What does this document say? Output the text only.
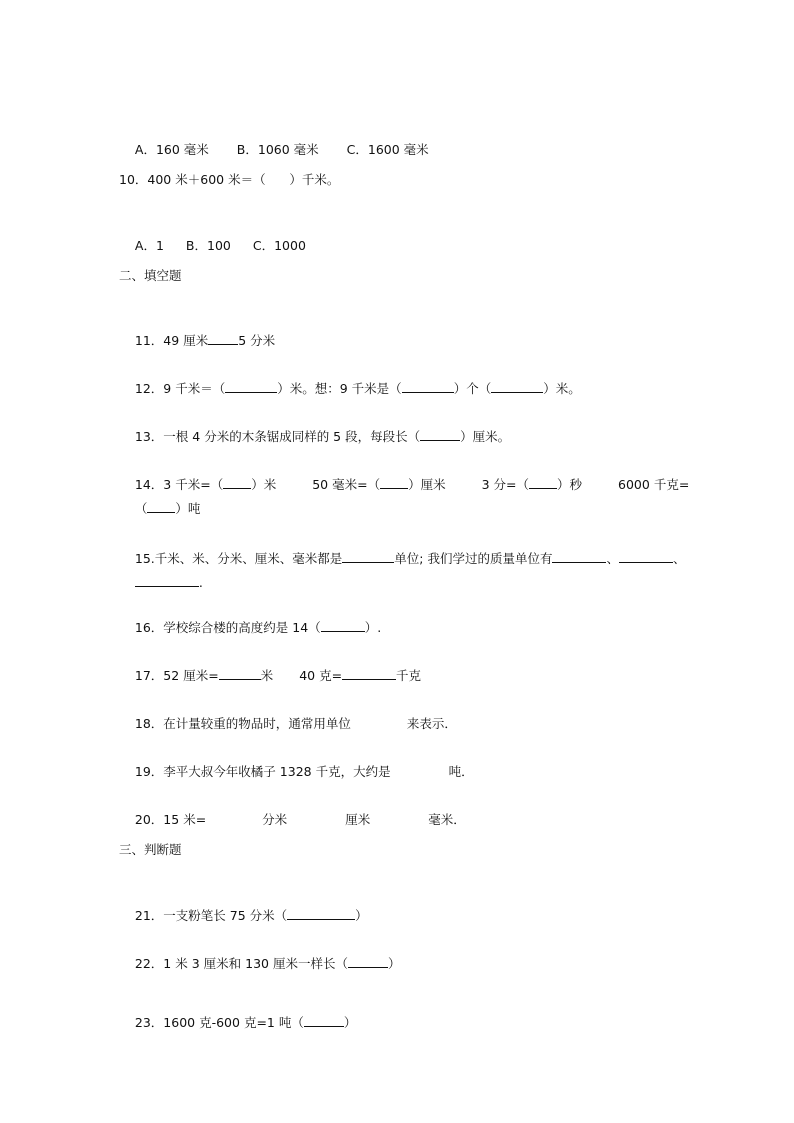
A．160 毫米 B．1060 毫米 C．1600 毫米

10．400 米＋600 米＝（      ）千米。

A．1 B．100 C．1000

二、填空题

11．49 厘米 5 分米

12．9 千米＝（	）米。想：9 千米是（	）个（	）米。

13．一根 4 分米的木条锯成同样的 5 段，每段长（	）厘米。

14．3 千米=（ ）米	50 毫米=（ ）厘米	3 分=（ ）秒	6000 千克=

（ ）吨

15.千米、米、分米、厘米、毫米都是	单位; 我们学过的质量单位有	、	、

.

16．学校综合楼的高度约是 14（	）.

17．52 厘米=	米 40 克=	千克

18．在计量较重的物品时，通常用单位	来表示．

19．李平大叔今年收橘子 1328 千克，大约是	吨．

20．15 米=	分米	厘米	毫米．

三、判断题

21．一支粉笔长 75 分米（	）

22．1 米 3 厘米和 130 厘米一样长（	）

23．1600 克-600 克=1 吨（	）
